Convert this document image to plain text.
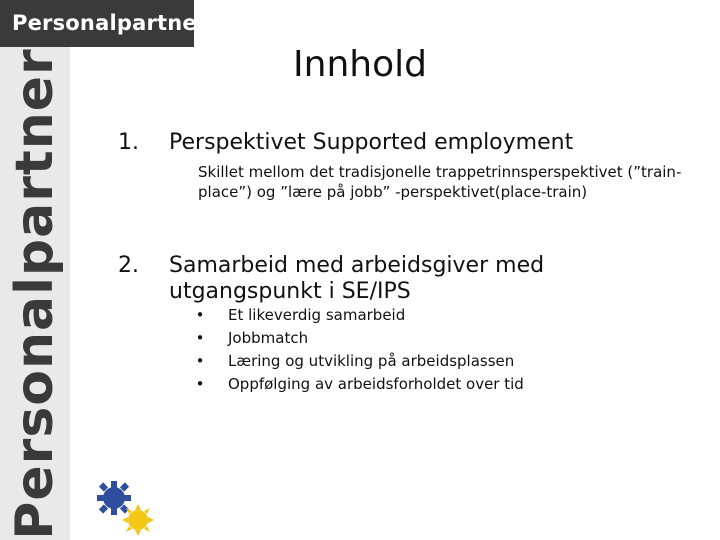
Personalpartner
Personalpartner	Innhold
1. Perspektivet Supported employment
Skillet mellom det tradisjonelle trappetrinnsperspektivet (”train-place”) og ”lære på jobb” -perspektivet(place-train)
2. Samarbeid med arbeidsgiver med utgangspunkt i SE/IPS
• Et likeverdig samarbeid
• Jobbmatch
• Læring og utvikling på arbeidsplassen
• Oppfølging av arbeidsforholdet over tid
